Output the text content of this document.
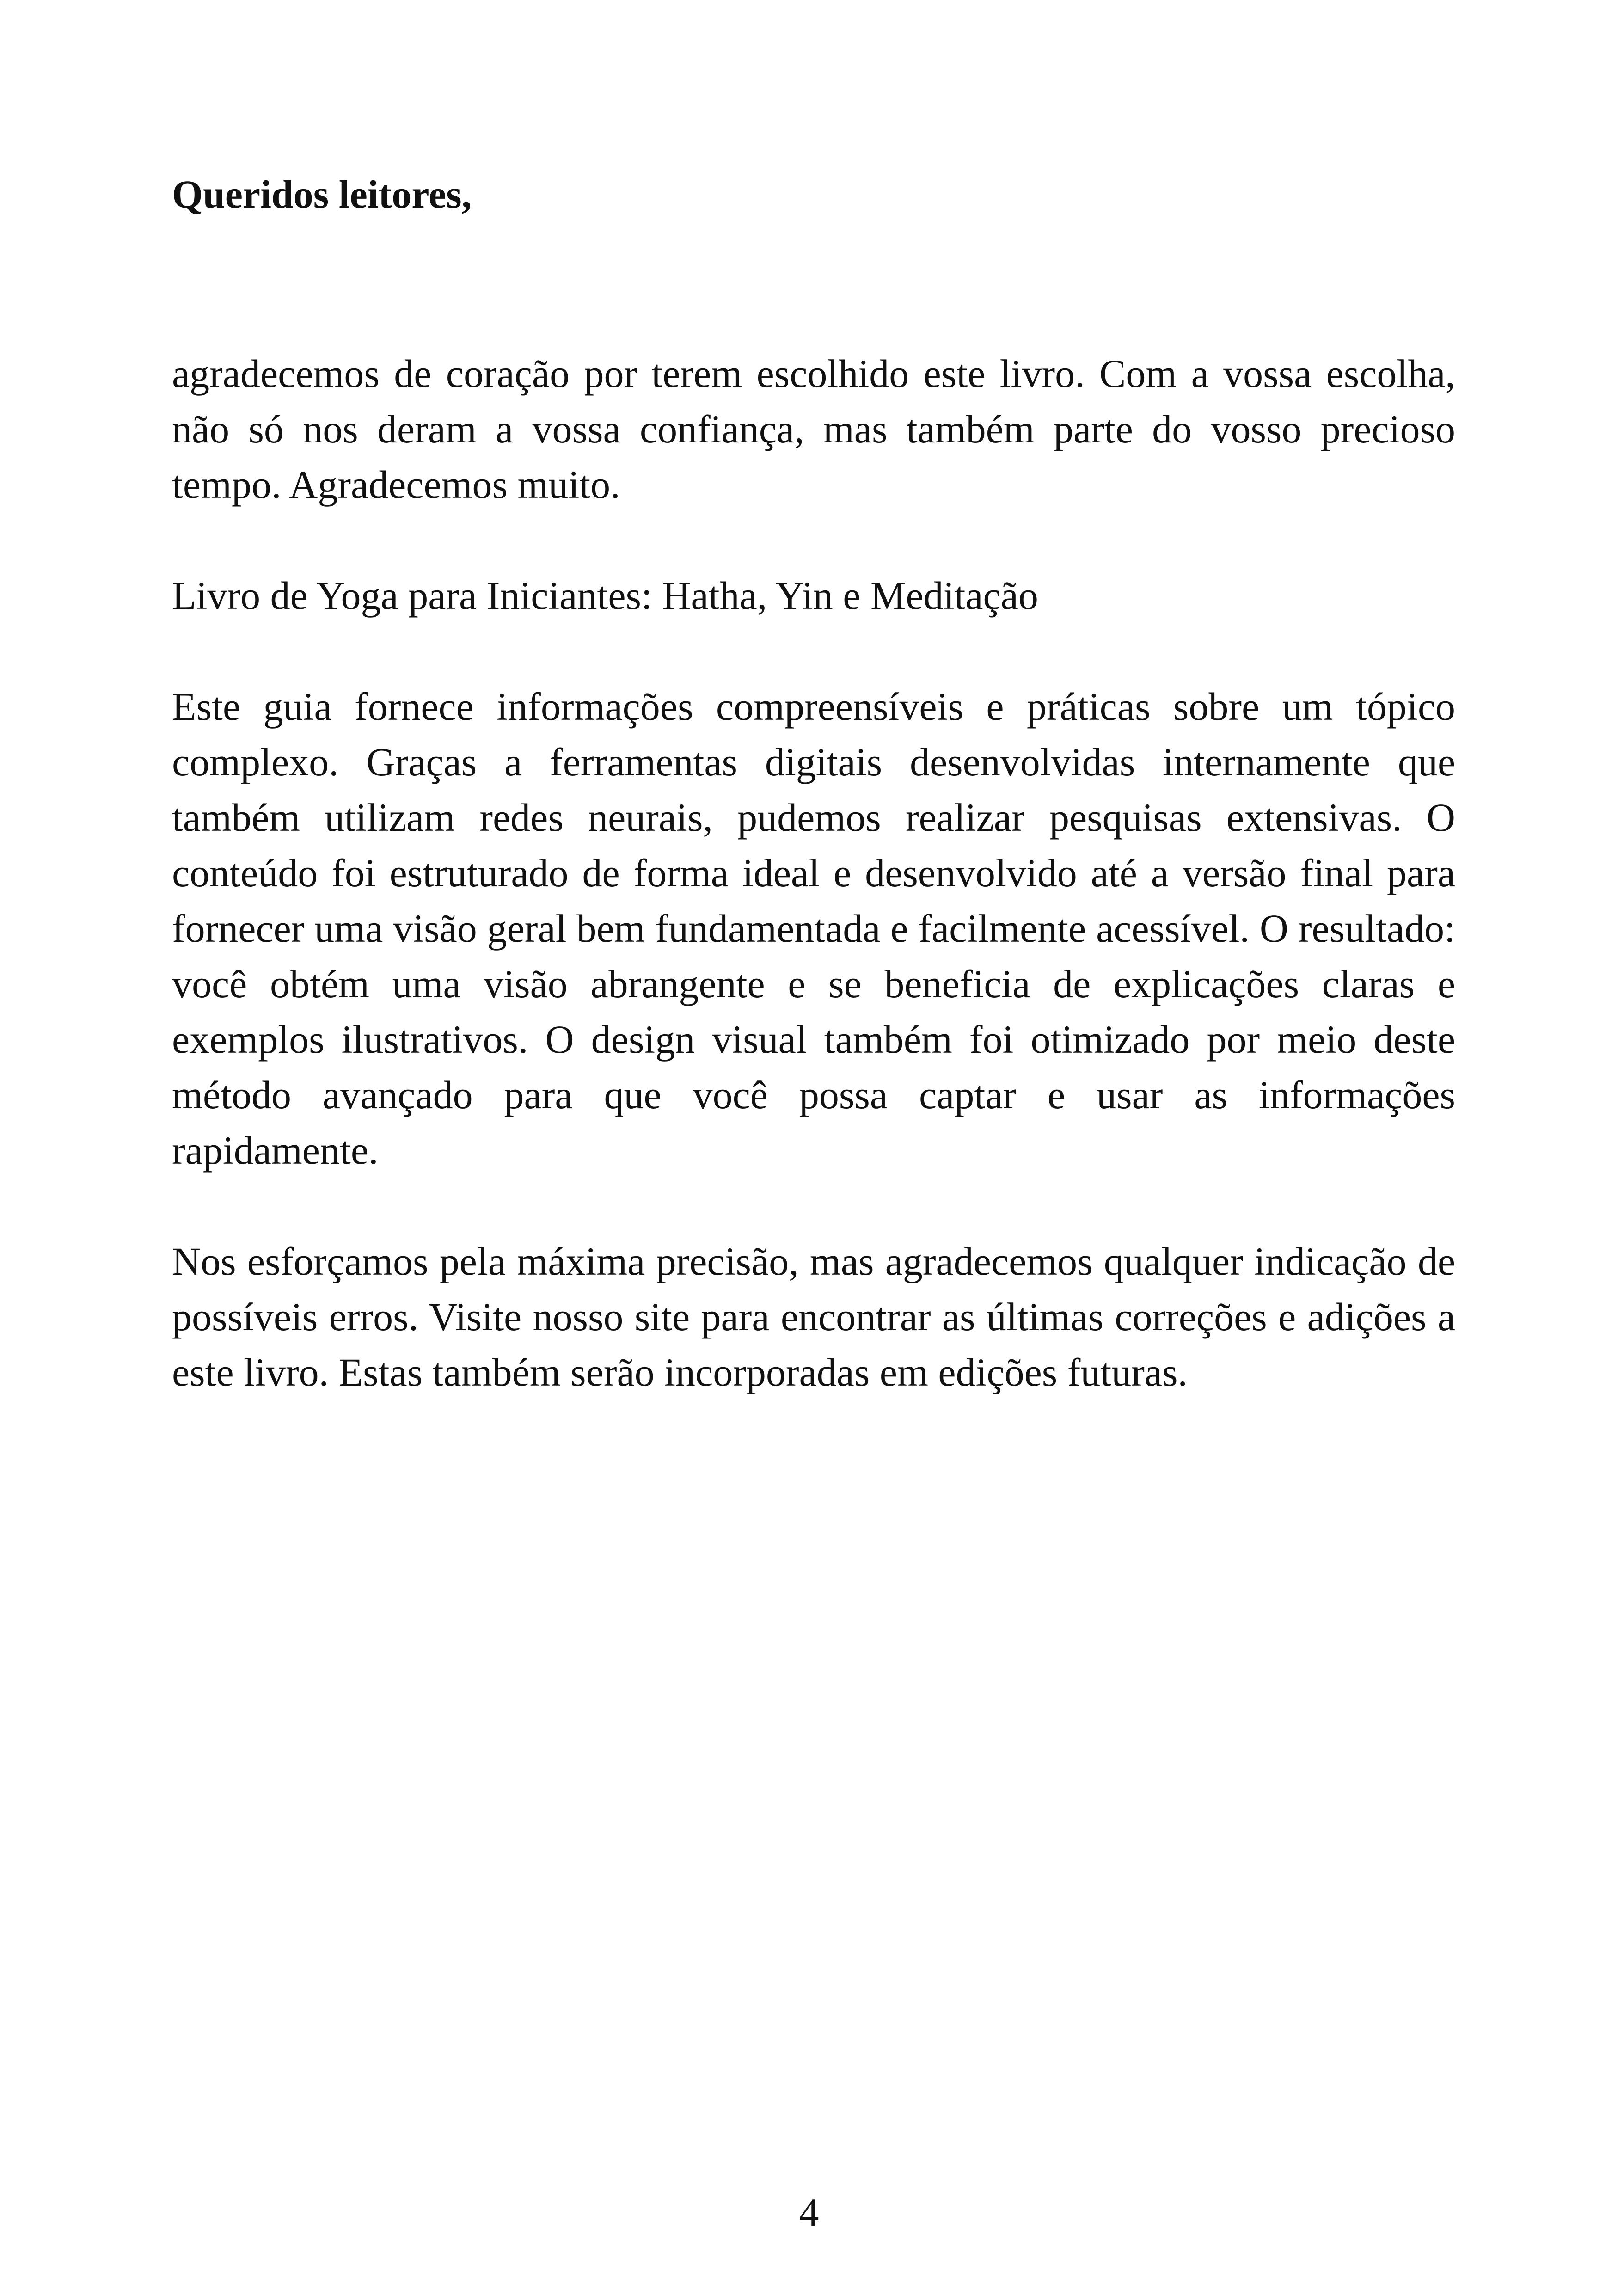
Queridos leitores,

agradecemos de coração por terem escolhido este livro. Com a vossa escolha, não só nos deram a vossa confiança, mas também parte do vosso precioso tempo. Agradecemos muito.

Livro de Yoga para Iniciantes: Hatha, Yin e Meditação

Este guia fornece informações compreensíveis e práticas sobre um tópico complexo. Graças a ferramentas digitais desenvolvidas internamente que também utilizam redes neurais, pudemos realizar pesquisas extensivas. O conteúdo foi estruturado de forma ideal e desenvolvido até a versão final para fornecer uma visão geral bem fundamentada e facilmente acessível. O resultado: você obtém uma visão abrangente e se beneficia de explicações claras e exemplos ilustrativos. O design visual também foi otimizado por meio deste método avançado para que você possa captar e usar as informações rapidamente.

Nos esforçamos pela máxima precisão, mas agradecemos qualquer indicação de possíveis erros. Visite nosso site para encontrar as últimas correções e adições a este livro. Estas também serão incorporadas em edições futuras.

4
